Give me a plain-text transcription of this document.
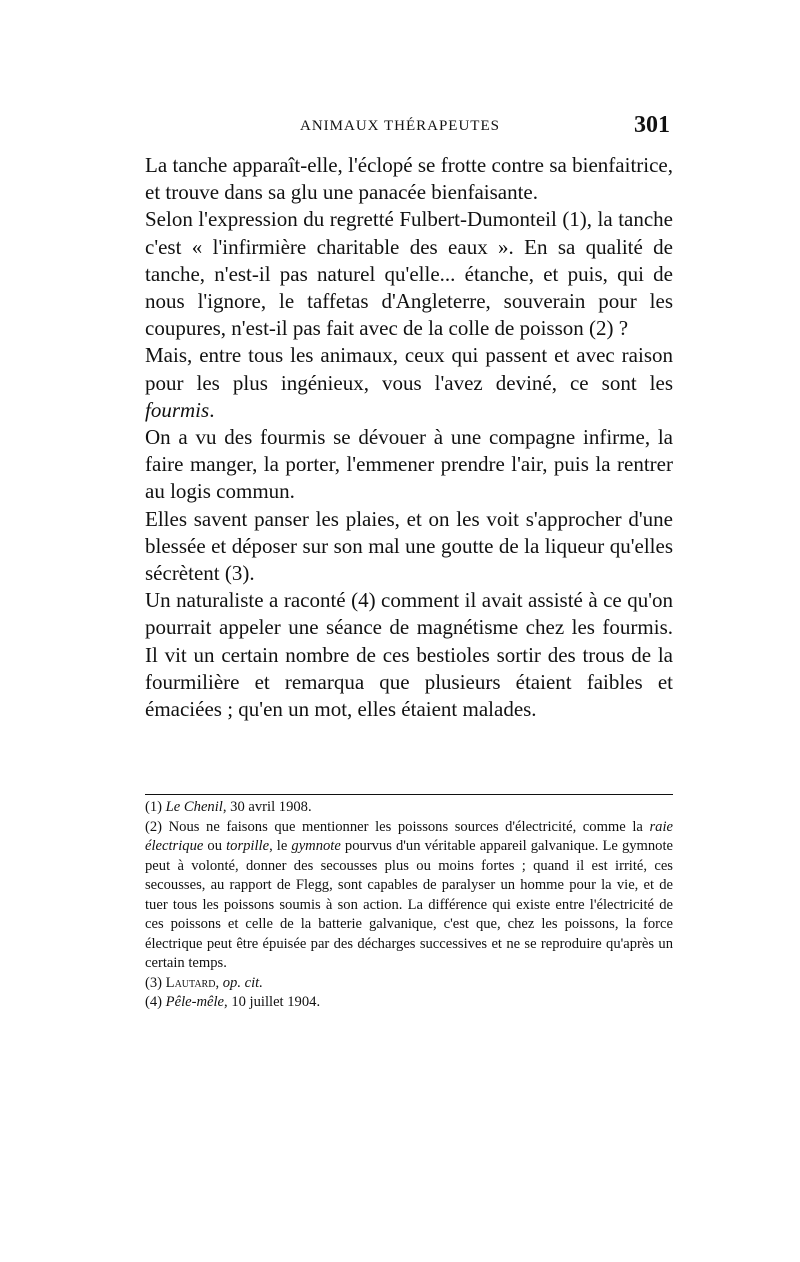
ANIMAUX THÉRAPEUTES	301

La tanche apparaît-elle, l'éclopé se frotte contre sa bienfaitrice, et trouve dans sa glu une panacée bienfaisante.

Selon l'expression du regretté Fulbert-Dumonteil (1), la tanche c'est « l'infirmière charitable des eaux ». En sa qualité de tanche, n'est-il pas naturel qu'elle... étanche, et puis, qui de nous l'ignore, le taffetas d'Angleterre, souverain pour les coupures, n'est-il pas fait avec de la colle de poisson (2) ?

Mais, entre tous les animaux, ceux qui passent et avec raison pour les plus ingénieux, vous l'avez deviné, ce sont les fourmis.

On a vu des fourmis se dévouer à une compagne infirme, la faire manger, la porter, l'emmener prendre l'air, puis la rentrer au logis commun.

Elles savent panser les plaies, et on les voit s'approcher d'une blessée et déposer sur son mal une goutte de la liqueur qu'elles sécrètent (3).

Un naturaliste a raconté (4) comment il avait assisté à ce qu'on pourrait appeler une séance de magnétisme chez les fourmis. Il vit un certain nombre de ces bestioles sortir des trous de la fourmilière et remarqua que plusieurs étaient faibles et émaciées ; qu'en un mot, elles étaient malades.

(1) Le Chenil, 30 avril 1908.

(2) Nous ne faisons que mentionner les poissons sources d'électricité, comme la raie électrique ou torpille, le gymnote pourvus d'un véritable appareil galvanique. Le gymnote peut à volonté, donner des secousses plus ou moins fortes ; quand il est irrité, ces secousses, au rapport de Flegg, sont capables de paralyser un homme pour la vie, et de tuer tous les poissons soumis à son action. La différence qui existe entre l'électricité de ces poissons et celle de la batterie galvanique, c'est que, chez les poissons, la force électrique peut être épuisée par des décharges successives et ne se reproduire qu'après un certain temps.

(3) Lautard, op. cit.

(4) Pêle-mêle, 10 juillet 1904.
